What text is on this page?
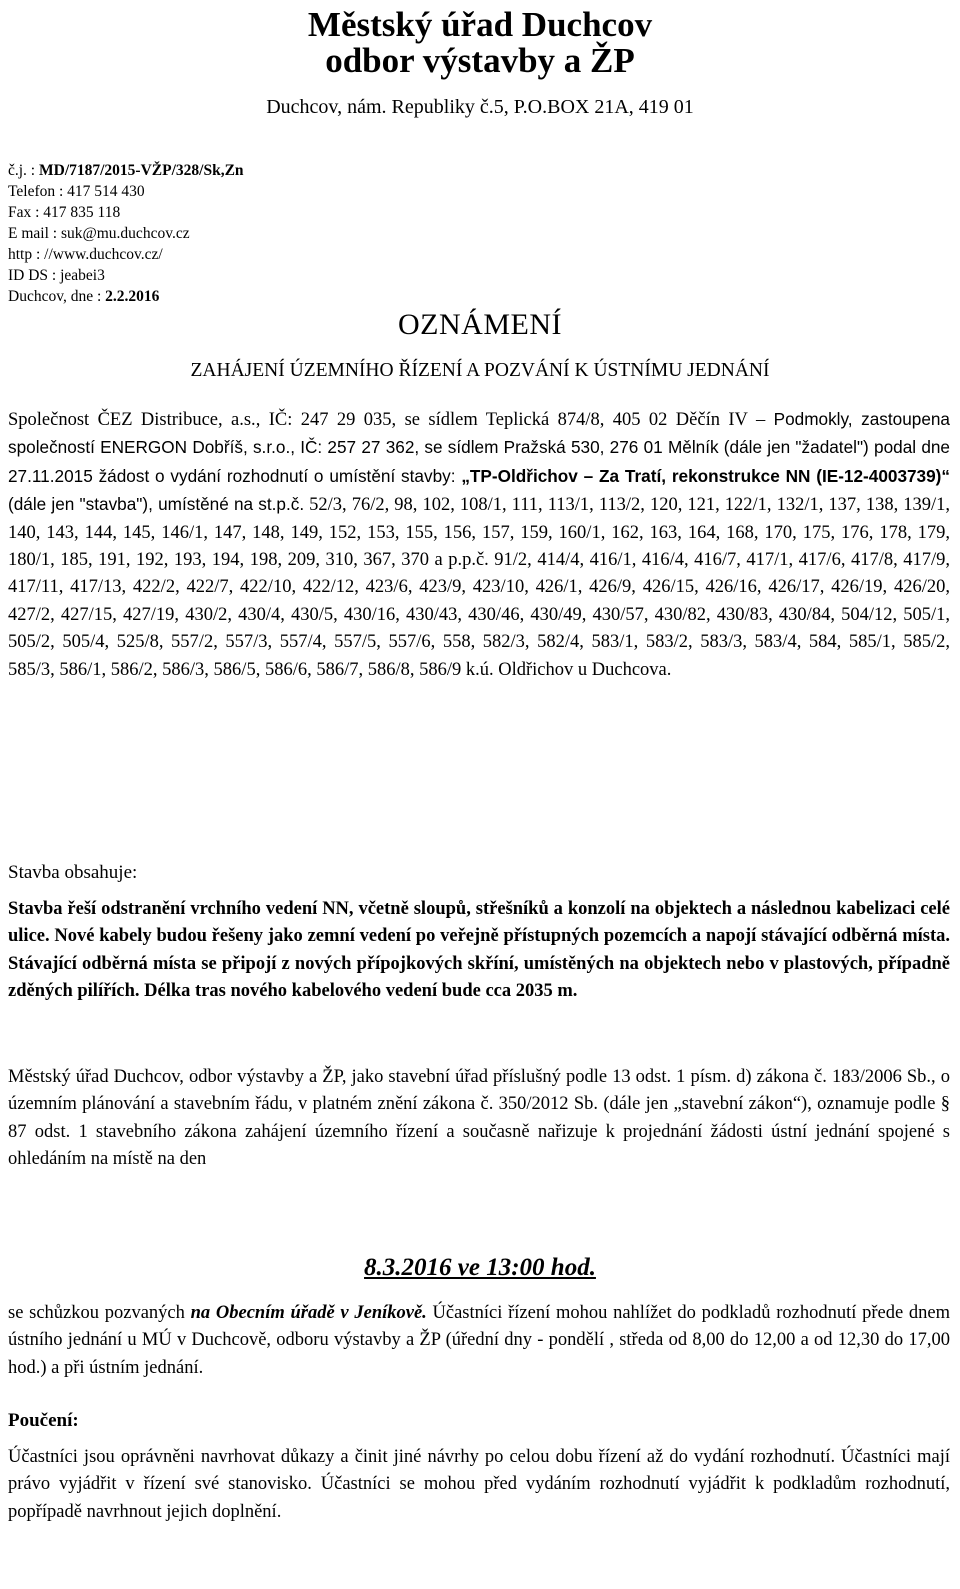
Městský úřad Duchcov
odbor výstavby a ŽP
Duchcov, nám. Republiky č.5, P.O.BOX 21A, 419 01
č.j. : MD/7187/2015-VŽP/328/Sk,Zn
Telefon : 417 514 430
Fax : 417 835 118
E mail : suk@mu.duchcov.cz
http : //www.duchcov.cz/
ID DS : jeabei3
Duchcov, dne : 2.2.2016
OZNÁMENÍ
ZAHÁJENÍ ÚZEMNÍHO ŘÍZENÍ A POZVÁNÍ K ÚSTNÍMU JEDNÁNÍ
Společnost ČEZ Distribuce, a.s., IČ: 247 29 035, se sídlem Teplická 874/8, 405 02 Děčín IV – Podmokly, zastoupena společností ENERGON Dobříš, s.r.o., IČ: 257 27 362, se sídlem Pražská 530, 276 01 Mělník (dále jen "žadatel") podal dne 27.11.2015 žádost o vydání rozhodnutí o umístění stavby: „TP-Oldřichov – Za Tratí, rekonstrukce NN (IE-12-4003739)“ (dále jen "stavba"), umístěné na st.p.č. 52/3, 76/2, 98, 102, 108/1, 111, 113/1, 113/2, 120, 121, 122/1, 132/1, 137, 138, 139/1, 140, 143, 144, 145, 146/1, 147, 148, 149, 152, 153, 155, 156, 157, 159, 160/1, 162, 163, 164, 168, 170, 175, 176, 178, 179, 180/1, 185, 191, 192, 193, 194, 198, 209, 310, 367, 370 a p.p.č. 91/2, 414/4, 416/1, 416/4, 416/7, 417/1, 417/6, 417/8, 417/9, 417/11, 417/13, 422/2, 422/7, 422/10, 422/12, 423/6, 423/9, 423/10, 426/1, 426/9, 426/15, 426/16, 426/17, 426/19, 426/20, 427/2, 427/15, 427/19, 430/2, 430/4, 430/5, 430/16, 430/43, 430/46, 430/49, 430/57, 430/82, 430/83, 430/84, 504/12, 505/1, 505/2, 505/4, 525/8, 557/2, 557/3, 557/4, 557/5, 557/6, 558, 582/3, 582/4, 583/1, 583/2, 583/3, 583/4, 584, 585/1, 585/2, 585/3, 586/1, 586/2, 586/3, 586/5, 586/6, 586/7, 586/8, 586/9 k.ú. Oldřichov u Duchcova.
Stavba obsahuje:
Stavba řeší odstranění vrchního vedení NN, včetně sloupů, střešníků a konzolí na objektech a následnou kabelizaci celé ulice. Nové kabely budou řešeny jako zemní vedení po veřejně přístupných pozemcích a napojí stávající odběrná místa. Stávající odběrná místa se připojí z nových přípojkových skříní, umístěných na objektech nebo v plastových, případně zděných pilířích. Délka tras nového kabelového vedení bude cca 2035 m.
Městský úřad Duchcov, odbor výstavby a ŽP, jako stavební úřad příslušný podle 13 odst. 1 písm. d) zákona č. 183/2006 Sb., o územním plánování a stavebním řádu, v platném znění zákona č. 350/2012 Sb. (dále jen „stavební zákon“), oznamuje podle § 87 odst. 1 stavebního zákona zahájení územního řízení a současně nařizuje k projednání žádosti ústní jednání spojené s ohledáním na místě na den
8.3.2016 ve 13:00 hod.
se schůzkou pozvaných na Obecním úřadě v Jeníkově. Účastníci řízení mohou nahlížet do podkladů rozhodnutí přede dnem ústního jednání u MÚ v Duchcově, odboru výstavby a ŽP (úřední dny - pondělí , středa od 8,00 do 12,00 a od 12,30 do 17,00 hod.) a při ústním jednání.
Poučení:
Účastníci jsou oprávněni navrhovat důkazy a činit jiné návrhy po celou dobu řízení až do vydání rozhodnutí. Účastníci mají právo vyjádřit v řízení své stanovisko. Účastníci se mohou před vydáním rozhodnutí vyjádřit k podkladům rozhodnutí, popřípadě navrhnout jejich doplnění.
